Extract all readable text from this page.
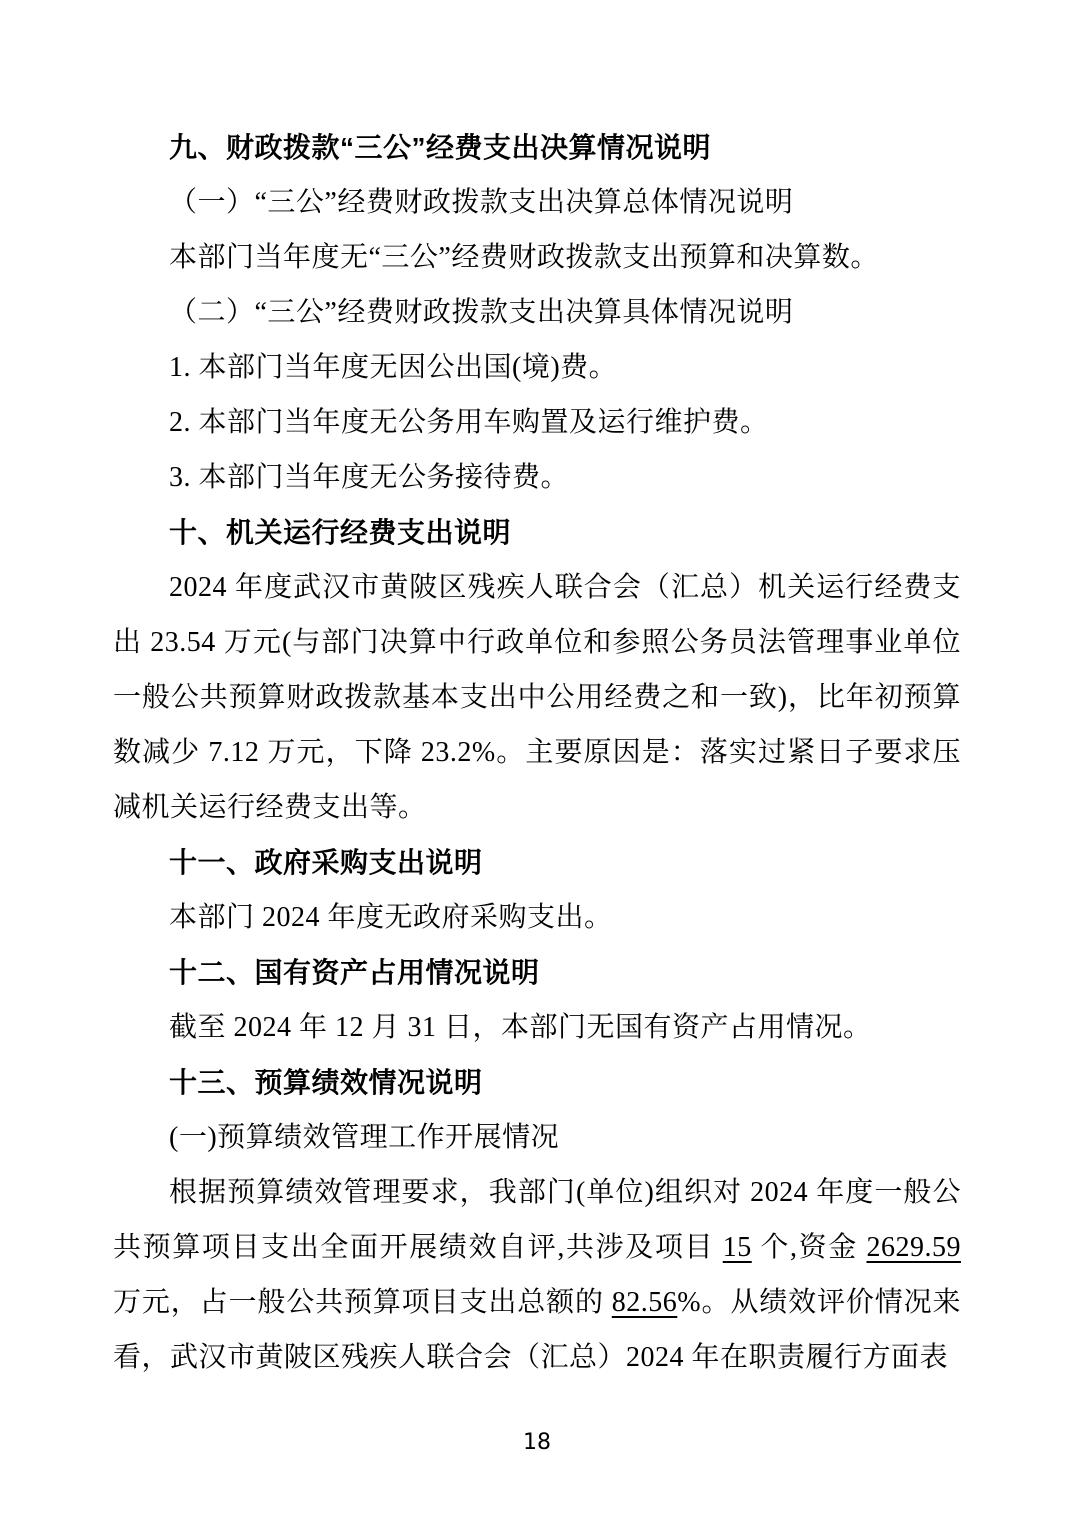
九、财政拨款“三公”经费支出决算情况说明

（一）“三公”经费财政拨款支出决算总体情况说明

本部门当年度无“三公”经费财政拨款支出预算和决算数。

（二）“三公”经费财政拨款支出决算具体情况说明

1. 本部门当年度无因公出国(境)费。

2. 本部门当年度无公务用车购置及运行维护费。

3. 本部门当年度无公务接待费。

十、机关运行经费支出说明

2024 年度武汉市黄陂区残疾人联合会（汇总）机关运行经费支出 23.54 万元(与部门决算中行政单位和参照公务员法管理事业单位一般公共预算财政拨款基本支出中公用经费之和一致)，比年初预算数减少 7.12 万元，下降 23.2%。主要原因是：落实过紧日子要求压减机关运行经费支出等。

十一、政府采购支出说明

本部门 2024 年度无政府采购支出。

十二、国有资产占用情况说明

截至 2024 年 12 月 31 日，本部门无国有资产占用情况。

十三、预算绩效情况说明

(一)预算绩效管理工作开展情况

根据预算绩效管理要求，我部门(单位)组织对 2024 年度一般公共预算项目支出全面开展绩效自评,共涉及项目 15 个,资金 2629.59 万元，占一般公共预算项目支出总额的 82.56%。从绩效评价情况来看，武汉市黄陂区残疾人联合会（汇总）2024 年在职责履行方面表

18
